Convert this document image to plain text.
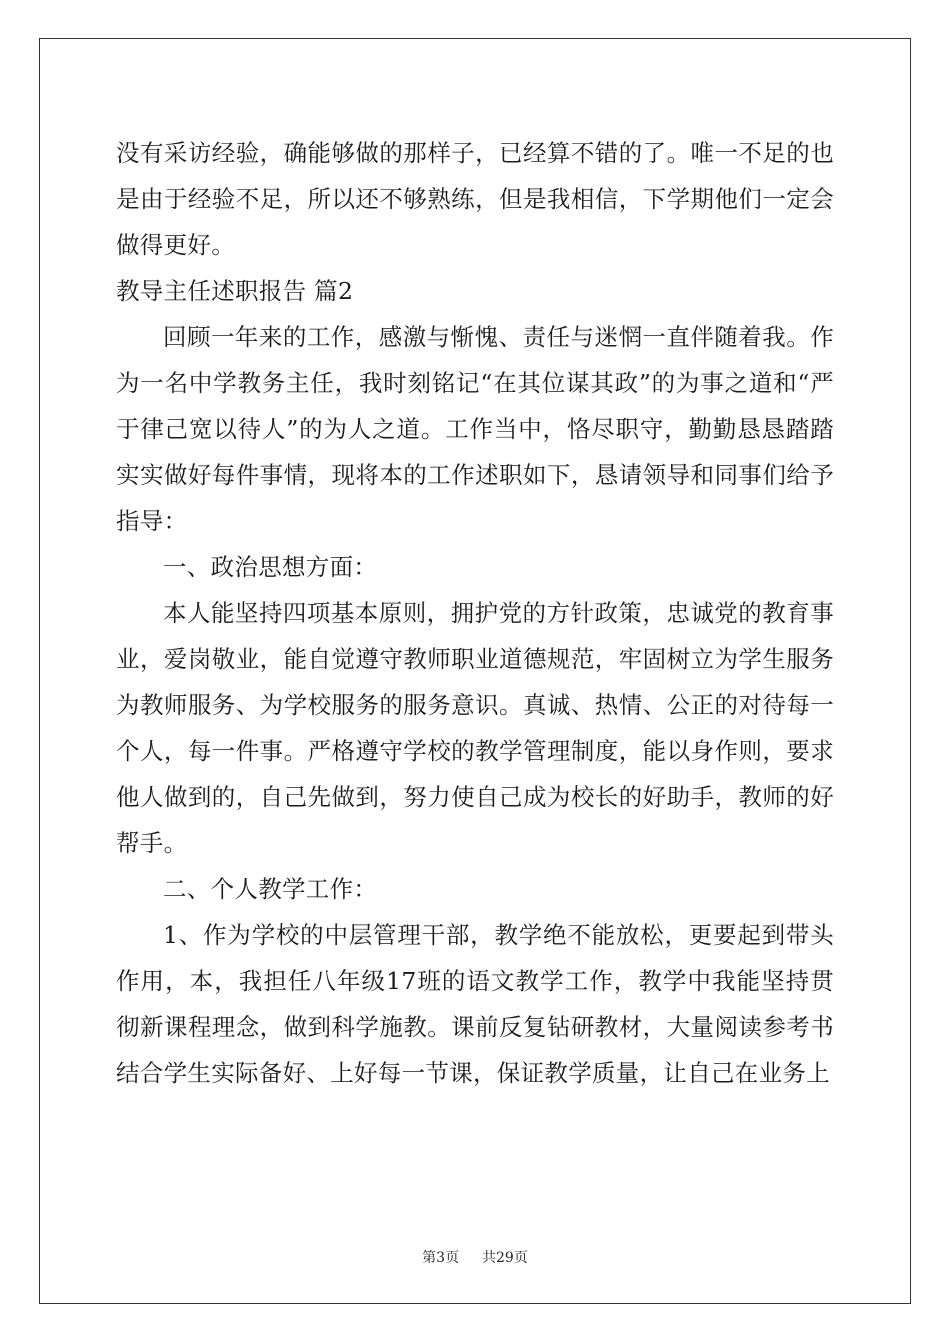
没有采访经验，确能够做的那样子，已经算不错的了。唯一不足的也是由于经验不足，所以还不够熟练，但是我相信，下学期他们一定会做得更好。

教导主任述职报告 篇2

回顾一年来的工作，感激与惭愧、责任与迷惘一直伴随着我。作为一名中学教务主任，我时刻铭记“在其位谋其政”的为事之道和“严于律己宽以待人”的为人之道。工作当中，恪尽职守，勤勤恳恳踏踏实实做好每件事情，现将本的工作述职如下，恳请领导和同事们给予指导：

一、政治思想方面：

本人能坚持四项基本原则，拥护党的方针政策，忠诚党的教育事业，爱岗敬业，能自觉遵守教师职业道德规范，牢固树立为学生服务为教师服务、为学校服务的服务意识。真诚、热情、公正的对待每一个人，每一件事。严格遵守学校的教学管理制度，能以身作则，要求他人做到的，自己先做到，努力使自己成为校长的好助手，教师的好帮手。

二、个人教学工作：

1、作为学校的中层管理干部，教学绝不能放松，更要起到带头作用，本，我担任八年级17班的语文教学工作，教学中我能坚持贯彻新课程理念，做到科学施教。课前反复钻研教材，大量阅读参考书结合学生实际备好、上好每一节课，保证教学质量，让自己在业务上

第3页 共29页
